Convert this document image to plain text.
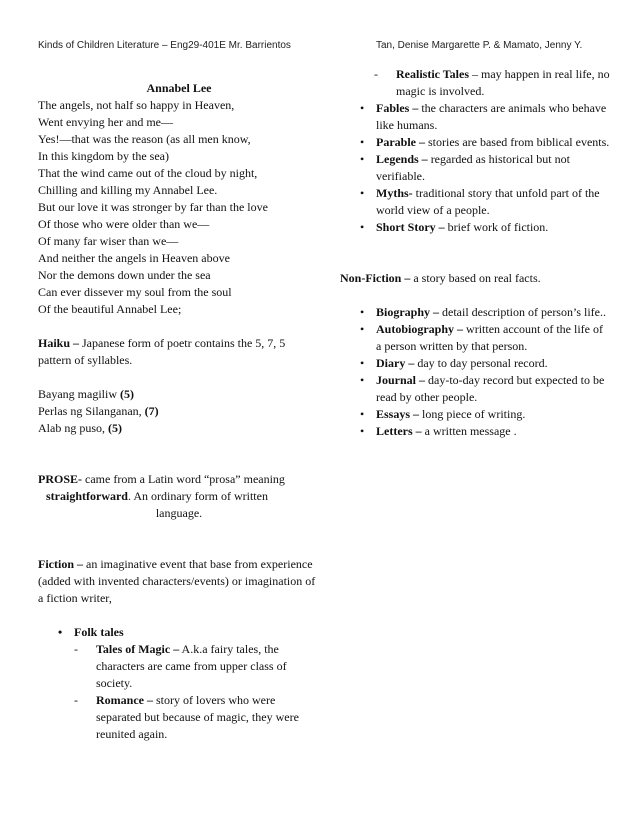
Kinds of Children Literature – Eng29-401E Mr. Barrientos	Tan, Denise Margarette P. & Mamato, Jenny Y.

Annabel Lee

The angels, not half so happy in Heaven,

Went envying her and me—

Yes!—that was the reason (as all men know,

In this kingdom by the sea)

That the wind came out of the cloud by night,

Chilling and killing my Annabel Lee.

But our love it was stronger by far than the love

Of those who were older than we—

Of many far wiser than we—

And neither the angels in Heaven above

Nor the demons down under the sea

Can ever dissever my soul from the soul

Of the beautiful Annabel Lee;

Haiku – Japanese form of poetr contains the 5, 7, 5 pattern of syllables.

Bayang magiliw (5)

Perlas ng Silanganan, (7)

Alab ng puso, (5)

PROSE- came from a Latin word “prosa” meaning

straightforward. An ordinary form of written

language.

Fiction – an imaginative event that base from experience (added with invented characters/events) or imagination of a fiction writer,

• Folk tales
- Tales of Magic – A.k.a fairy tales, the characters are came from upper class of society.
- Romance – story of lovers who were separated but because of magic, they were reunited again.
- Realistic Tales – may happen in real life, no magic is involved.
• Fables – the characters are animals who behave like humans.
• Parable – stories are based from biblical events.
• Legends – regarded as historical but not verifiable.
• Myths- traditional story that unfold part of the world view of a people.
• Short Story – brief work of fiction.

Non-Fiction – a story based on real facts.

• Biography – detail description of person’s life..
• Autobiography – written account of the life of a person written by that person.
• Diary – day to day personal record.
• Journal – day-to-day record but expected to be read by other people.
• Essays – long piece of writing.
• Letters – a written message .
